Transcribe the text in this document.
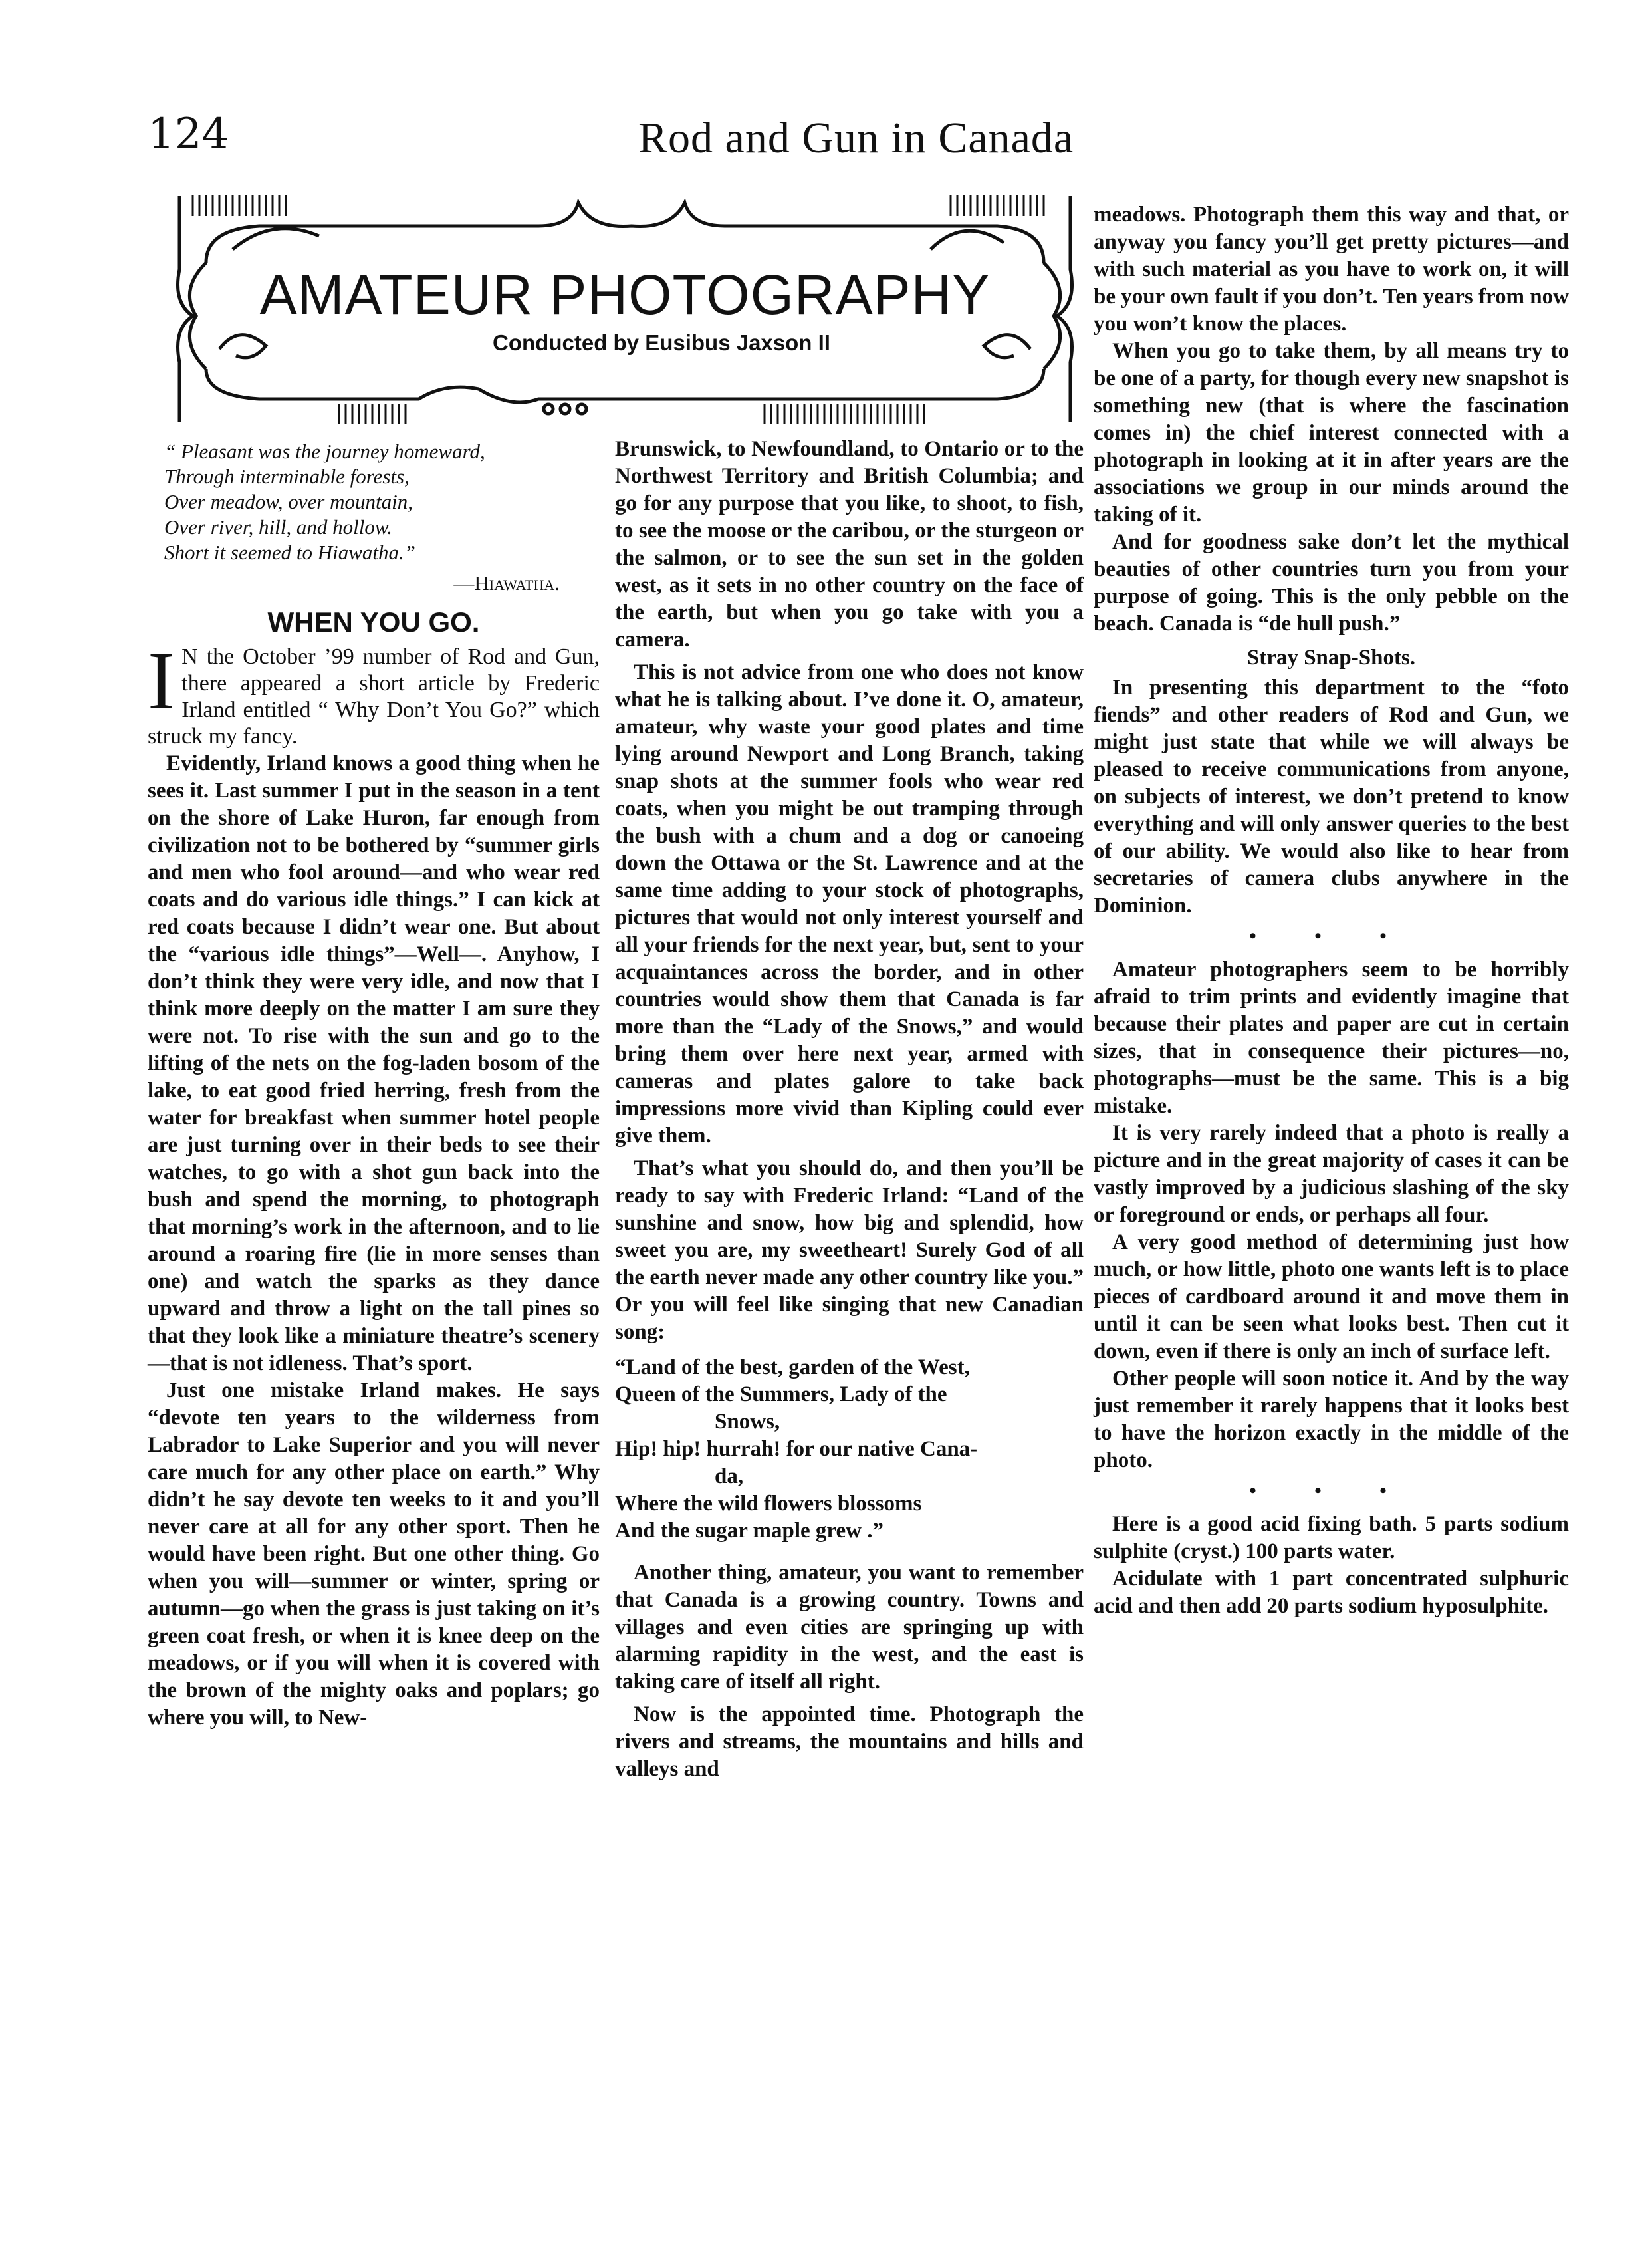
124	Rod and Gun in Canada
AMATEUR PHOTOGRAPHY
Conducted by Eusibus Jaxson II
“ Pleasant was the journey homeward,
Through interminable forests,
Over meadow, over mountain,
Over river, hill, and hollow.
Short it seemed to Hiawatha.”
—Hiawatha.
WHEN YOU GO.

I N the October ’99 number of Rod and Gun, there appeared a short article by Frederic Irland entitled “ Why Don’t You Go?” which struck my fancy.

Evidently, Irland knows a good thing when he sees it. Last summer I put in the season in a tent on the shore of Lake Huron, far enough from civilization not to be bothered by “summer girls and men who fool around—and who wear red coats and do various idle things.” I can kick at red coats because I didn’t wear one. But about the “various idle things”—Well—. Anyhow, I don’t think they were very idle, and now that I think more deeply on the matter I am sure they were not. To rise with the sun and go to the lifting of the nets on the fog-laden bosom of the lake, to eat good fried herring, fresh from the water for breakfast when summer hotel people are just turning over in their beds to see their watches, to go with a shot gun back into the bush and spend the morning, to photograph that morning’s work in the afternoon, and to lie around a roaring fire (lie in more senses than one) and watch the sparks as they dance upward and throw a light on the tall pines so that they look like a miniature theatre’s scenery—that is not idleness. That’s sport.

Just one mistake Irland makes. He says “devote ten years to the wilderness from Labrador to Lake Superior and you will never care much for any other place on earth.” Why didn’t he say devote ten weeks to it and you’ll never care at all for any other sport. Then he would have been right. But one other thing. Go when you will—summer or winter, spring or autumn—go when the grass is just taking on it’s green coat fresh, or when it is knee deep on the meadows, or if you will when it is covered with the brown of the mighty oaks and poplars; go where you will, to New-

Brunswick, to Newfoundland, to Ontario or to the Northwest Territory and British Columbia; and go for any purpose that you like, to shoot, to fish, to see the moose or the caribou, or the sturgeon or the salmon, or to see the sun set in the golden west, as it sets in no other country on the face of the earth, but when you go take with you a camera.

This is not advice from one who does not know what he is talking about. I’ve done it. O, amateur, amateur, why waste your good plates and time lying around Newport and Long Branch, taking snap shots at the summer fools who wear red coats, when you might be out tramping through the bush with a chum and a dog or canoeing down the Ottawa or the St. Lawrence and at the same time adding to your stock of photographs, pictures that would not only interest yourself and all your friends for the next year, but, sent to your acquaintances across the border, and in other countries would show them that Canada is far more than the “Lady of the Snows,” and would bring them over here next year, armed with cameras and plates galore to take back impressions more vivid than Kipling could ever give them.

That’s what you should do, and then you’ll be ready to say with Frederic Irland: “Land of the sunshine and snow, how big and splendid, how sweet you are, my sweetheart! Surely God of all the earth never made any other country like you.” Or you will feel like singing that new Canadian song:

“Land of the best, garden of the West,
Queen of the Summers, Lady of the
Snows,
Hip! hip! hurrah! for our native Cana-
da,
Where the wild flowers blossoms
And the sugar maple grew .”

Another thing, amateur, you want to remember that Canada is a growing country. Towns and villages and even cities are springing up with alarming rapidity in the west, and the east is taking care of itself all right.

Now is the appointed time. Photograph the rivers and streams, the mountains and hills and valleys and

meadows. Photograph them this way and that, or anyway you fancy you’ll get pretty pictures—and with such material as you have to work on, it will be your own fault if you don’t. Ten years from now you won’t know the places.

When you go to take them, by all means try to be one of a party, for though every new snapshot is something new (that is where the fascination comes in) the chief interest connected with a photograph in looking at it in after years are the associations we group in our minds around the taking of it.

And for goodness sake don’t let the mythical beauties of other countries turn you from your purpose of going. This is the only pebble on the beach. Canada is “de hull push.”

Stray Snap-Shots.

In presenting this department to the “foto fiends” and other readers of Rod and Gun, we might just state that while we will always be pleased to receive communications from anyone, on subjects of interest, we don’t pretend to know everything and will only answer queries to the best of our ability. We would also like to hear from secretaries of camera clubs anywhere in the Dominion.

• • •

Amateur photographers seem to be horribly afraid to trim prints and evidently imagine that because their plates and paper are cut in certain sizes, that in consequence their pictures—no, photographs—must be the same. This is a big mistake.

It is very rarely indeed that a photo is really a picture and in the great majority of cases it can be vastly improved by a judicious slashing of the sky or foreground or ends, or perhaps all four.

A very good method of determining just how much, or how little, photo one wants left is to place pieces of cardboard around it and move them in until it can be seen what looks best. Then cut it down, even if there is only an inch of surface left.

Other people will soon notice it. And by the way just remember it rarely happens that it looks best to have the horizon exactly in the middle of the photo.

• • •

Here is a good acid fixing bath. 5 parts sodium sulphite (cryst.) 100 parts water.

Acidulate with 1 part concentrated sulphuric acid and then add 20 parts sodium hyposulphite.
